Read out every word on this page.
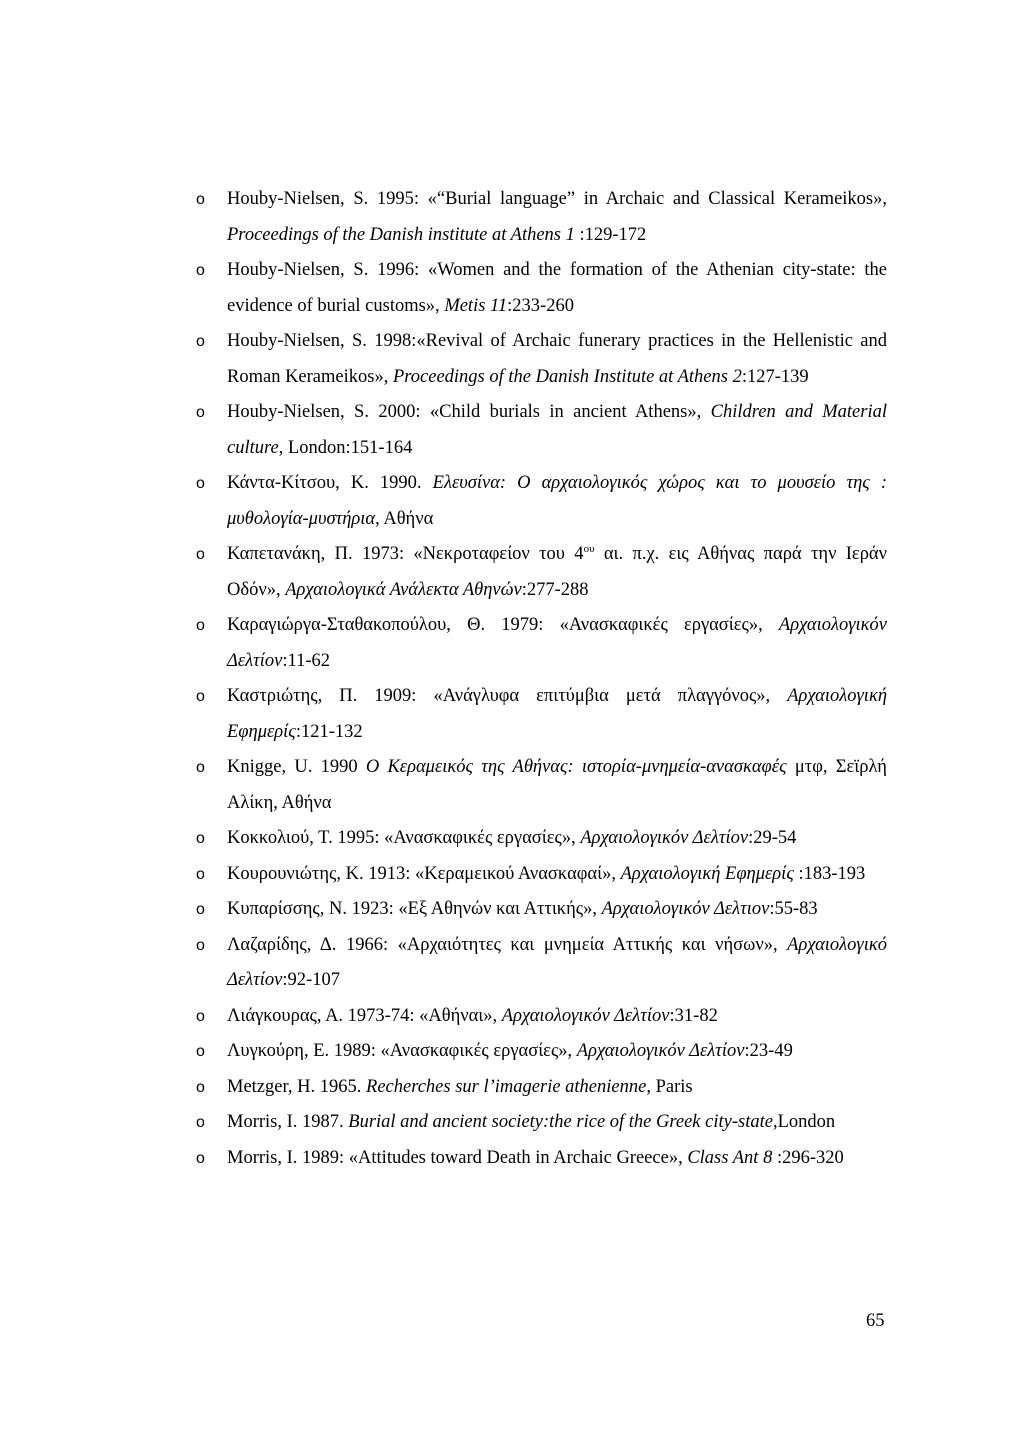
o Houby-Nielsen, S. 1995: «“Burial language” in Archaic and Classical Kerameikos», Proceedings of the Danish institute at Athens 1 :129-172
o Houby-Nielsen, S. 1996: «Women and the formation of the Athenian city-state: the evidence of burial customs», Metis 11:233-260
o Houby-Nielsen, S. 1998:«Revival of Archaic funerary practices in the Hellenistic and Roman Kerameikos», Proceedings of the Danish Institute at Athens 2:127-139
o Houby-Nielsen, S. 2000: «Child burials in ancient Athens», Children and Material culture, London:151-164
o Κάντα-Κίτσου, Κ. 1990. Ελευσίνα: Ο αρχαιολογικός χώρος και το μουσείο της : μυθολογία-μυστήρια, Αθήνα
o Καπετανάκη, Π. 1973: «Νεκροταφείον του $4^{o\upsilon}$ αι. π.χ. εις Αθήνας παρά την Ιεράν Οδόν», Αρχαιολογικά Ανάλεκτα Αθηνών:277-288
o Καραγιώργα-Σταθακοπούλου, Θ. 1979: «Ανασκαφικές εργασίες», Αρχαιολογικόν Δελτίον:11-62
o Καστριώτης, Π. 1909: «Ανάγλυφα επιτύμβια μετά πλαγγόνος», Αρχαιολογική Εφημερίς:121-132
o Knigge, U. 1990 Ο Κεραμεικός της Αθήνας: ιστορία-μνημεία-ανασκαφές μτφ, Σεϊρλή Αλίκη, Αθήνα
o Κοκκολιού, Τ. 1995: «Ανασκαφικές εργασίες», Αρχαιολογικόν Δελτίον:29-54
o Κουρουνιώτης, Κ. 1913: «Κεραμεικού Ανασκαφαί», Αρχαιολογική Εφημερίς :183-193
o Κυπαρίσσης, Ν. 1923: «Εξ Αθηνών και Αττικής», Αρχαιολογικόν Δελτιον:55-83
o Λαζαρίδης, Δ. 1966: «Αρχαιότητες και μνημεία Αττικής και νήσων», Αρχαιολογικό Δελτίον:92-107
o Λιάγκουρας, Α. 1973-74: «Αθήναι», Αρχαιολογικόν Δελτίον:31-82
o Λυγκούρη, Ε. 1989: «Ανασκαφικές εργασίες», Αρχαιολογικόν Δελτίον:23-49
o Metzger, H. 1965. Recherches sur l’imagerie athenienne, Paris
o Morris, I. 1987. Burial and ancient society:the rice of the Greek city-state,London
o Morris, I. 1989: «Attitudes toward Death in Archaic Greece», Class Ant 8 :296-320
65
